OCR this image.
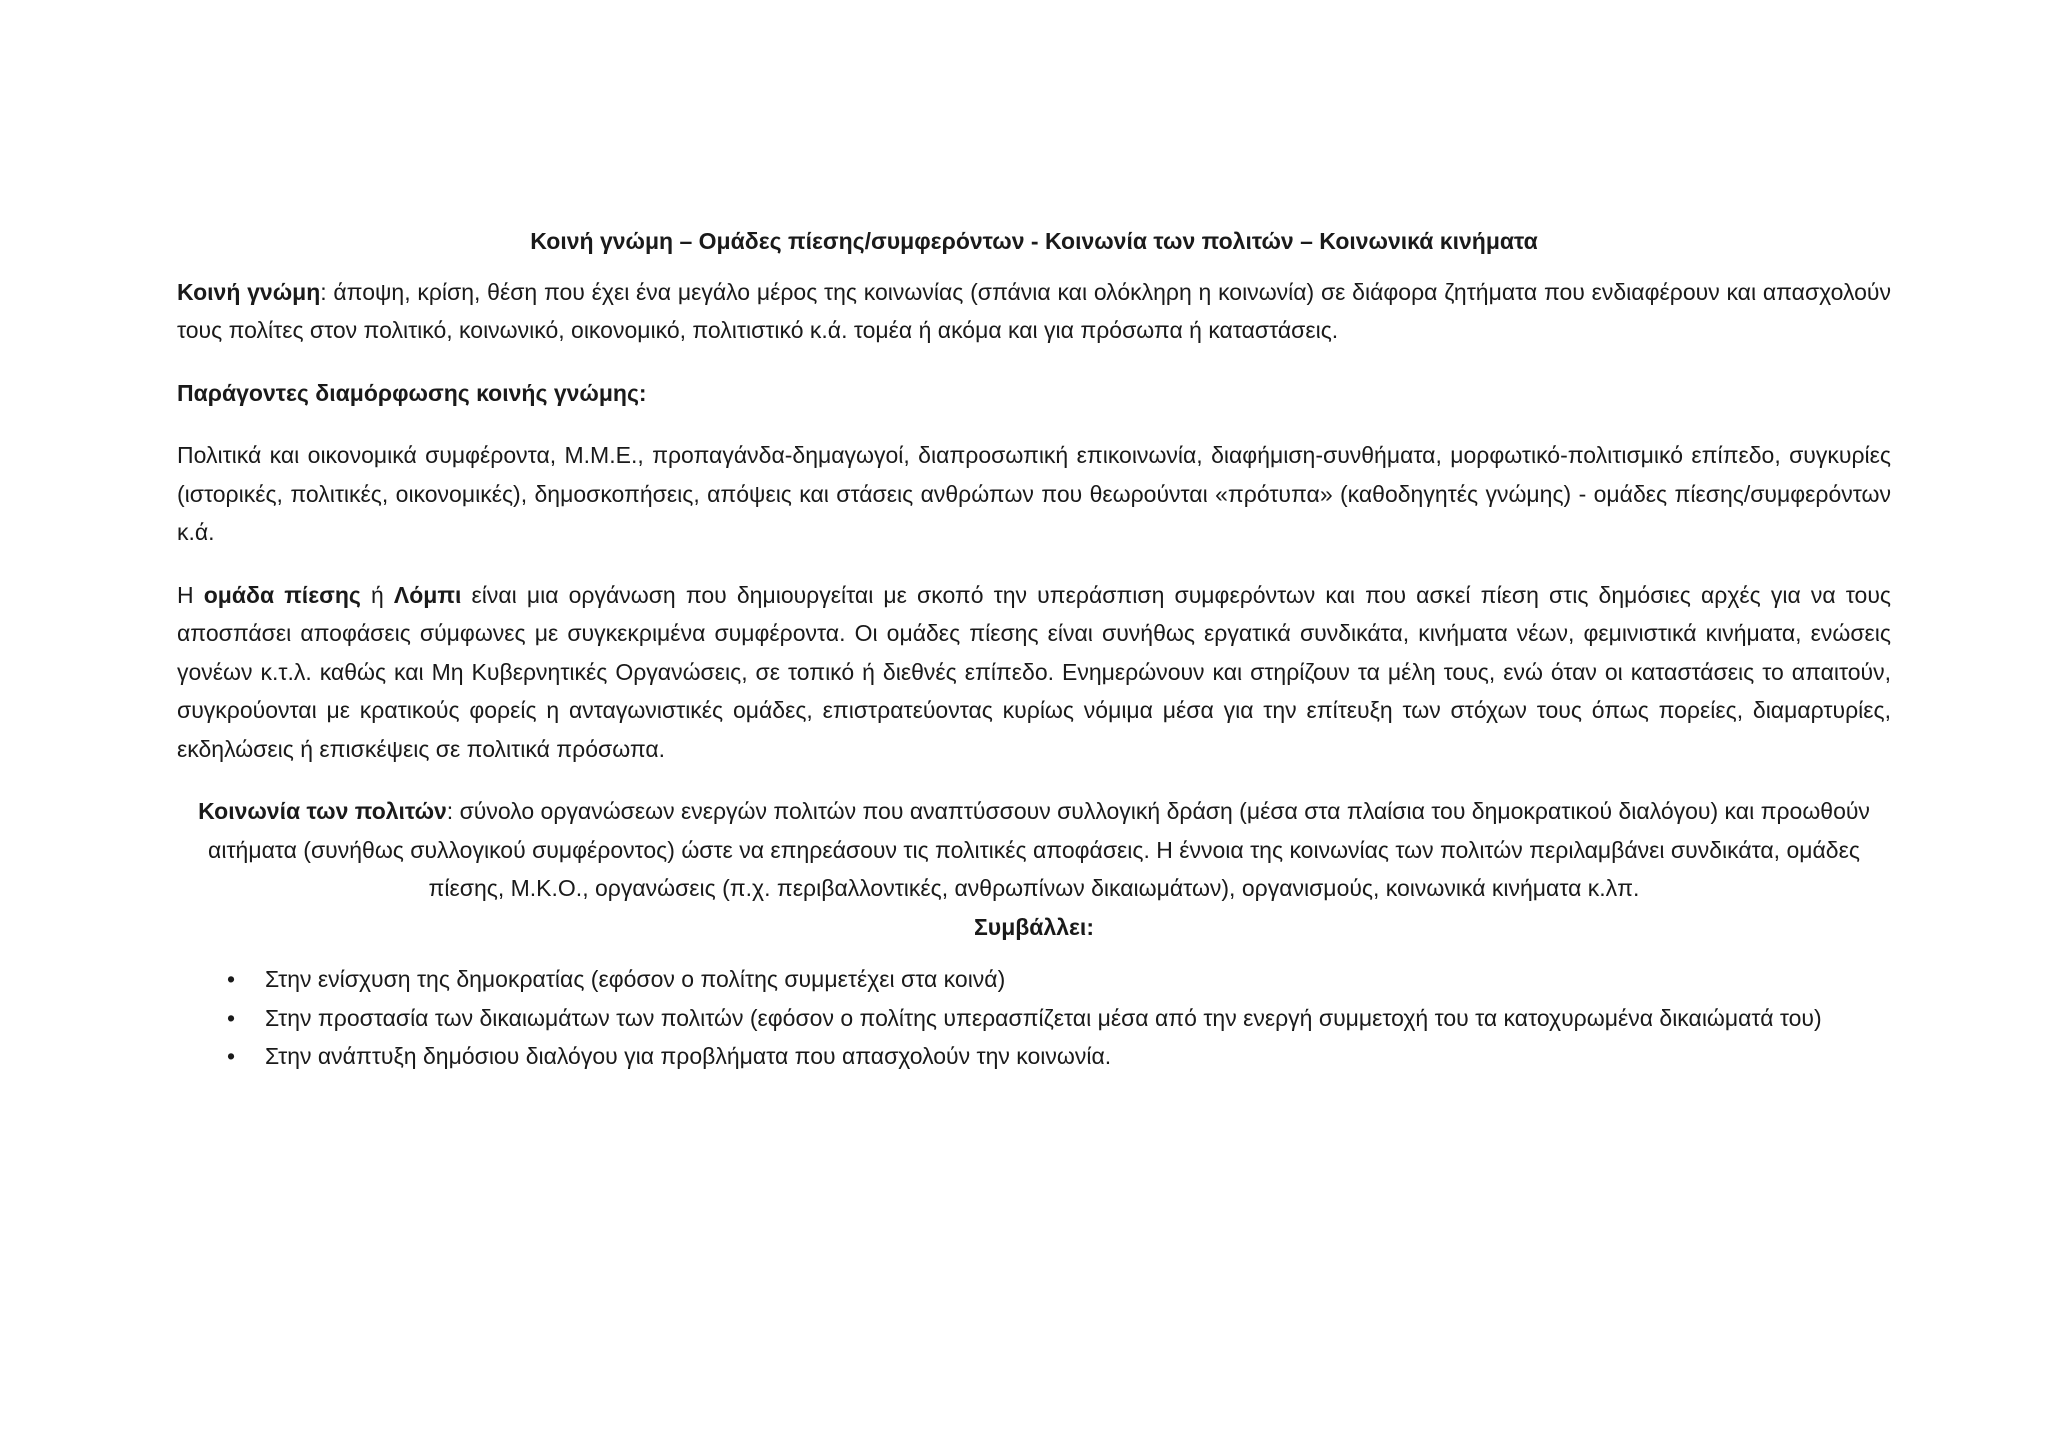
Κοινή γνώμη – Ομάδες πίεσης/συμφερόντων - Κοινωνία των πολιτών – Κοινωνικά κινήματα

Κοινή γνώμη: άποψη, κρίση, θέση που έχει ένα μεγάλο μέρος της κοινωνίας (σπάνια και ολόκληρη η κοινωνία) σε διάφορα ζητήματα που ενδιαφέρουν και απασχολούν τους πολίτες στον πολιτικό, κοινωνικό, οικονομικό, πολιτιστικό κ.ά. τομέα ή ακόμα και για πρόσωπα ή καταστάσεις.

Παράγοντες διαμόρφωσης κοινής γνώμης:

Πολιτικά και οικονομικά συμφέροντα, Μ.Μ.Ε., προπαγάνδα-δημαγωγοί, διαπροσωπική επικοινωνία, διαφήμιση-συνθήματα, μορφωτικό-πολιτισμικό επίπεδο, συγκυρίες (ιστορικές, πολιτικές, οικονομικές), δημοσκοπήσεις, απόψεις και στάσεις ανθρώπων που θεωρούνται «πρότυπα» (καθοδηγητές γνώμης) - ομάδες πίεσης/συμφερόντων κ.ά.

Η ομάδα πίεσης ή Λόμπι είναι μια οργάνωση που δημιουργείται με σκοπό την υπεράσπιση συμφερόντων και που ασκεί πίεση στις δημόσιες αρχές για να τους αποσπάσει αποφάσεις σύμφωνες με συγκεκριμένα συμφέροντα. Οι ομάδες πίεσης είναι συνήθως εργατικά συνδικάτα, κινήματα νέων, φεμινιστικά κινήματα, ενώσεις γονέων κ.τ.λ. καθώς και Μη Κυβερνητικές Οργανώσεις, σε τοπικό ή διεθνές επίπεδο. Ενημερώνουν και στηρίζουν τα μέλη τους, ενώ όταν οι καταστάσεις το απαιτούν, συγκρούονται με κρατικούς φορείς η ανταγωνιστικές ομάδες, επιστρατεύοντας κυρίως νόμιμα μέσα για την επίτευξη των στόχων τους όπως πορείες, διαμαρτυρίες, εκδηλώσεις ή επισκέψεις σε πολιτικά πρόσωπα.

Κοινωνία των πολιτών: σύνολο οργανώσεων ενεργών πολιτών που αναπτύσσουν συλλογική δράση (μέσα στα πλαίσια του δημοκρατικού διαλόγου) και προωθούν αιτήματα (συνήθως συλλογικού συμφέροντος) ώστε να επηρεάσουν τις πολιτικές αποφάσεις. Η έννοια της κοινωνίας των πολιτών περιλαμβάνει συνδικάτα, ομάδες πίεσης, Μ.Κ.Ο., οργανώσεις (π.χ. περιβαλλοντικές, ανθρωπίνων δικαιωμάτων), οργανισμούς, κοινωνικά κινήματα κ.λπ.
Συμβάλλει:

• Στην ενίσχυση της δημοκρατίας (εφόσον ο πολίτης συμμετέχει στα κοινά)
• Στην προστασία των δικαιωμάτων των πολιτών (εφόσον ο πολίτης υπερασπίζεται μέσα από την ενεργή συμμετοχή του τα κατοχυρωμένα δικαιώματά του)
• Στην ανάπτυξη δημόσιου διαλόγου για προβλήματα που απασχολούν την κοινωνία.
